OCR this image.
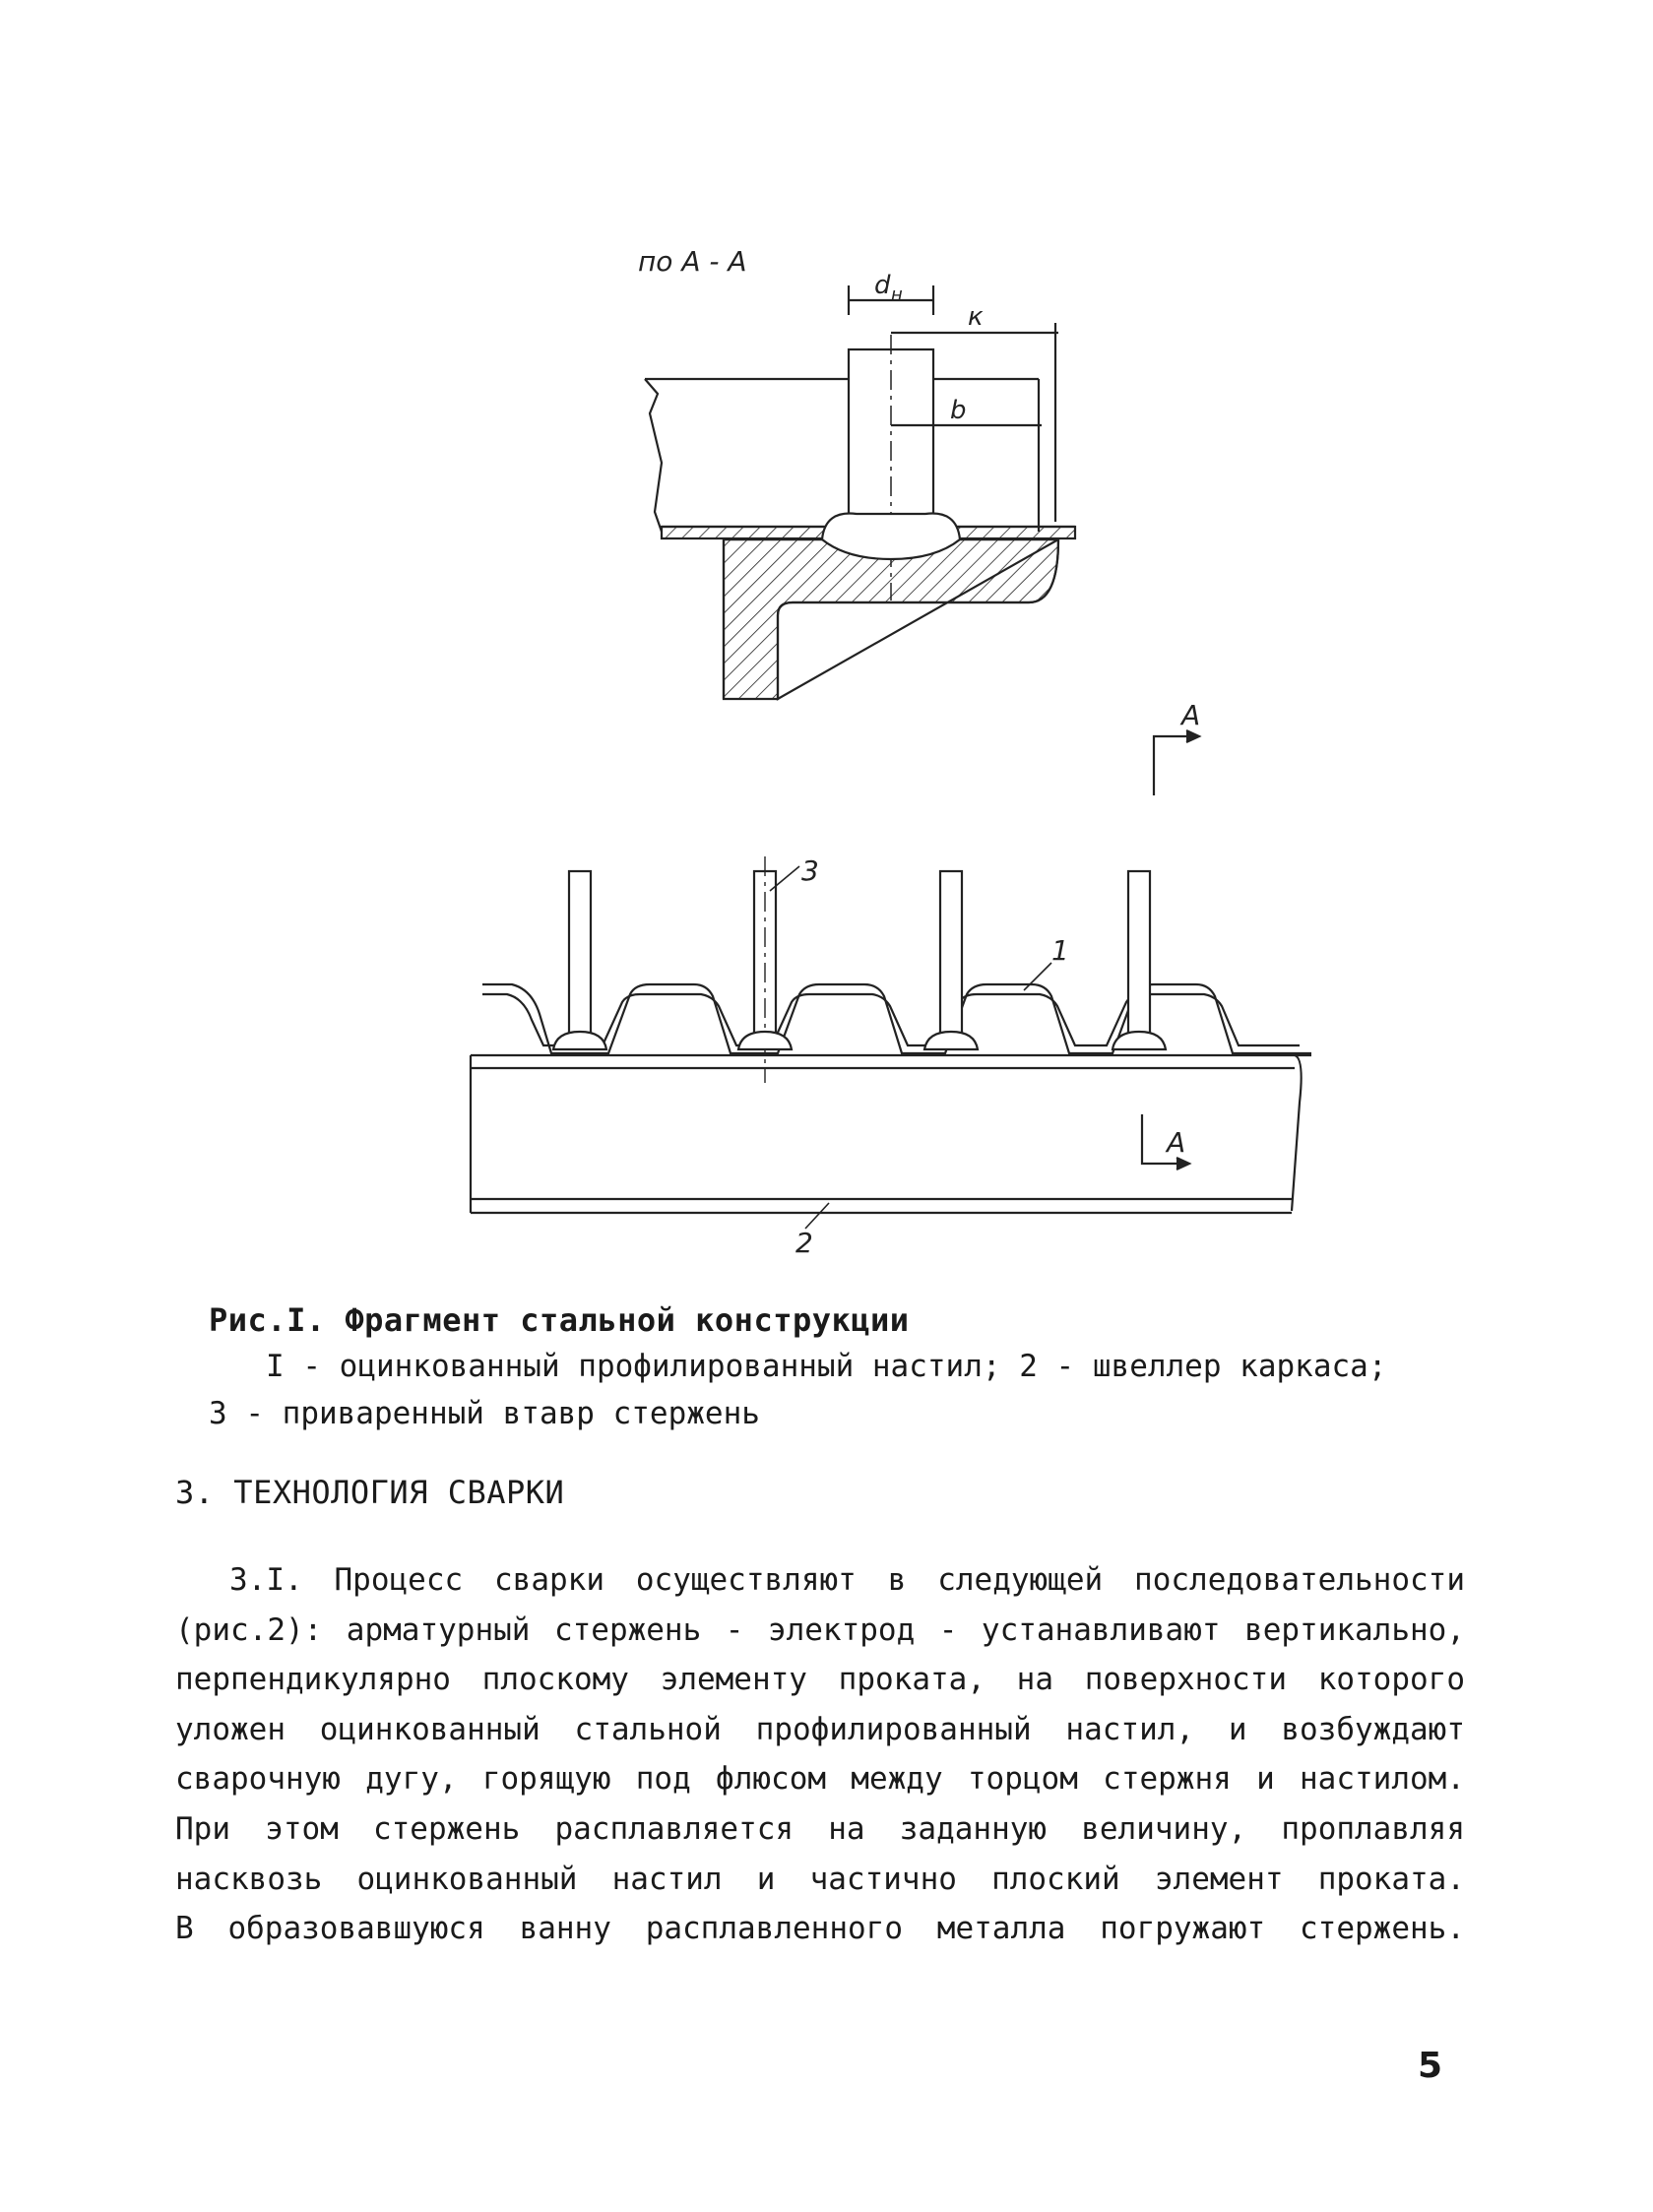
по А - А
d н
к
b
А
А
3
1
2
Рис.I. Фрагмент стальной конструкции
I - оцинкованный профилированный настил; 2 - швеллер каркаса;
3 - приваренный втавр стержень
3. ТЕХНОЛОГИЯ СВАРКИ
3.I. Процесс сварки осуществляют в следующей последовательности
(рис.2): арматурный стержень - электрод - устанавливают вертикально,
перпендикулярно плоскому элементу проката, на поверхности которого
уложен оцинкованный стальной профилированный настил, и возбуждают
сварочную дугу, горящую под флюсом между торцом стержня и настилом.
При этом стержень расплавляется на заданную величину, проплавляя
насквозь оцинкованный настил и частично плоский элемент проката.
В образовавшуюся ванну расплавленного металла погружают стержень.
5
